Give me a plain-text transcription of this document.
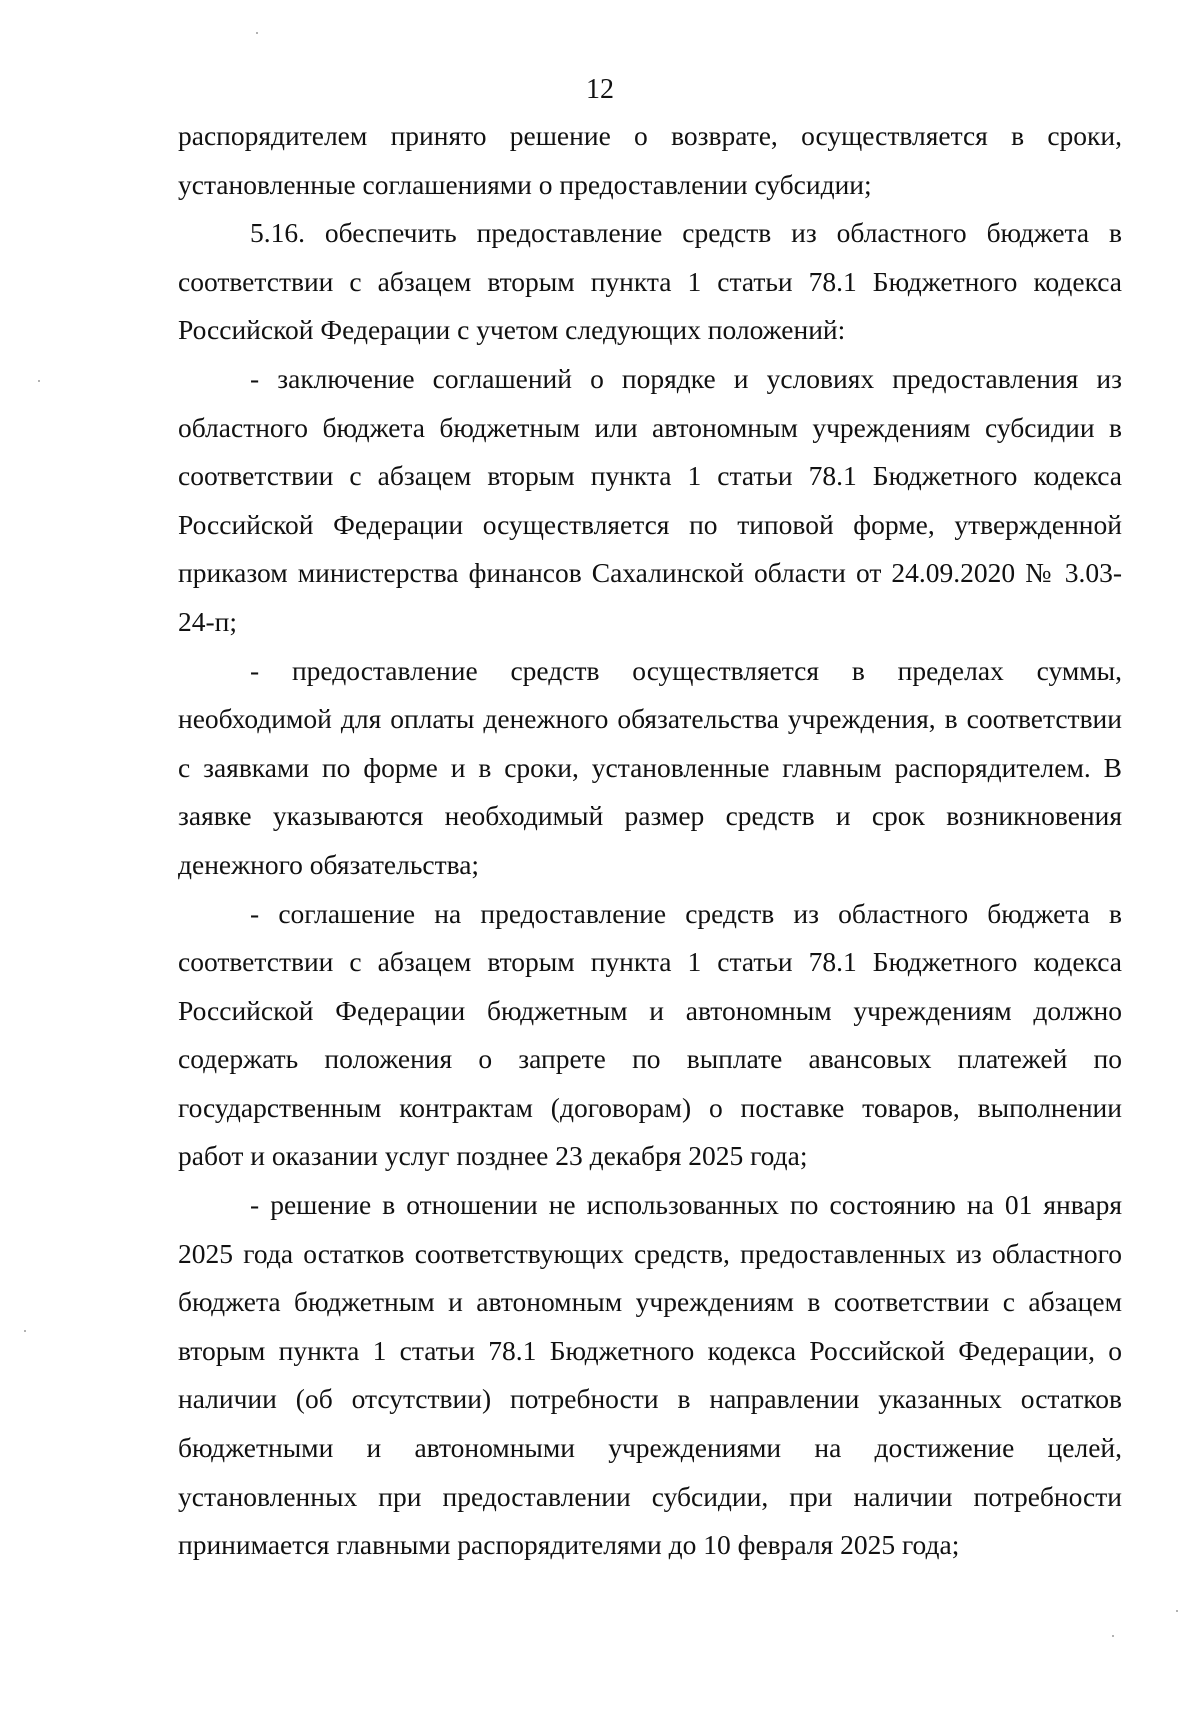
12

распорядителем принято решение о возврате, осуществляется в сроки, установленные соглашениями о предоставлении субсидии;

5.16. обеспечить предоставление средств из областного бюджета в соответствии с абзацем вторым пункта 1 статьи 78.1 Бюджетного кодекса Российской Федерации с учетом следующих положений:

- заключение соглашений о порядке и условиях предоставления из областного бюджета бюджетным или автономным учреждениям субсидии в соответствии с абзацем вторым пункта 1 статьи 78.1 Бюджетного кодекса Российской Федерации осуществляется по типовой форме, утвержденной приказом министерства финансов Сахалинской области от 24.09.2020 № 3.03-24-п;

- предоставление средств осуществляется в пределах суммы, необходимой для оплаты денежного обязательства учреждения, в соответствии с заявками по форме и в сроки, установленные главным распорядителем. В заявке указываются необходимый размер средств и срок возникновения денежного обязательства;

- соглашение на предоставление средств из областного бюджета в соответствии с абзацем вторым пункта 1 статьи 78.1 Бюджетного кодекса Российской Федерации бюджетным и автономным учреждениям должно содержать положения о запрете по выплате авансовых платежей по государственным контрактам (договорам) о поставке товаров, выполнении работ и оказании услуг позднее 23 декабря 2025 года;

- решение в отношении не использованных по состоянию на 01 января 2025 года остатков соответствующих средств, предоставленных из областного бюджета бюджетным и автономным учреждениям в соответствии с абзацем вторым пункта 1 статьи 78.1 Бюджетного кодекса Российской Федерации, о наличии (об отсутствии) потребности в направлении указанных остатков бюджетными и автономными учреждениями на достижение целей, установленных при предоставлении субсидии, при наличии потребности принимается главными распорядителями до 10 февраля 2025 года;
